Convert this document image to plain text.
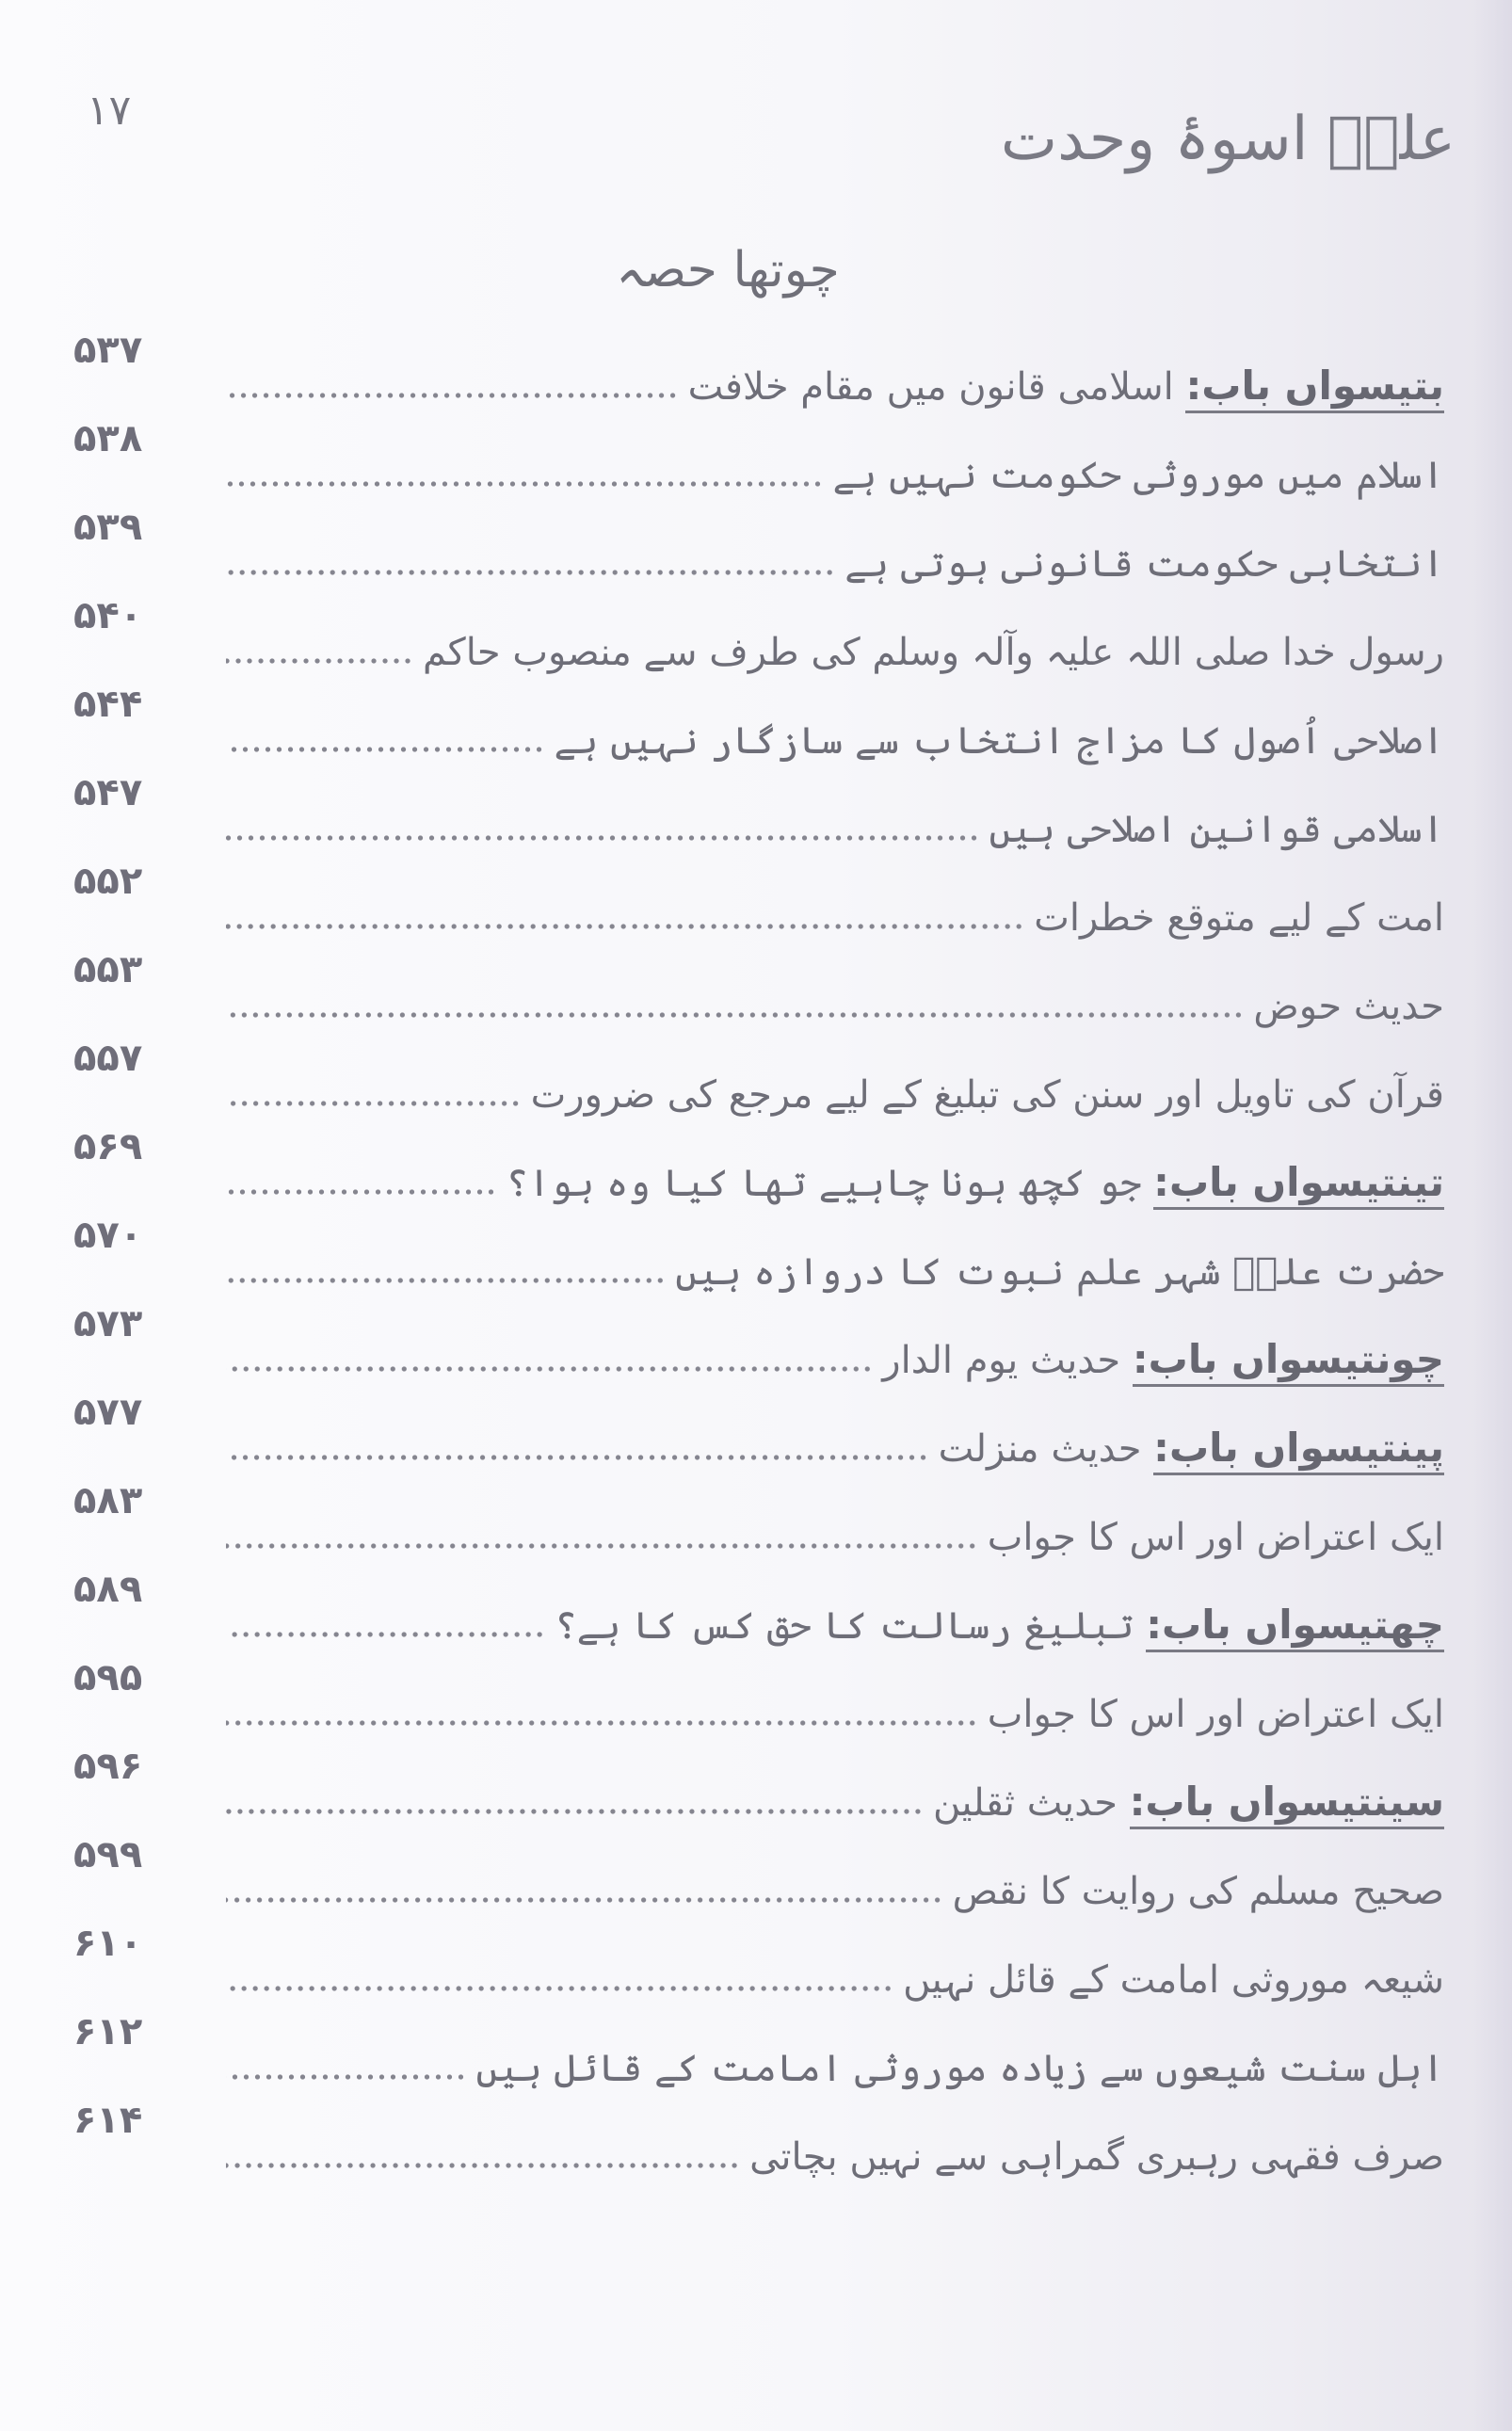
١٧	علیؑ اسوۂ وحدت
چوتھا حصہ
۵۳۷
بتیسواں باب: اسلامی قانون میں مقام خلافت
۵۳۸
اسلام میں موروثی حکومت نہیں ہے
۵۳۹
انتخابی حکومت قانونی ہوتی ہے
۵۴۰
رسول خدا صلی اللہ علیہ وآلہ وسلم کی طرف سے منصوب حاکم
۵۴۴
اصلاحی اُصول کا مزاج انتخاب سے سازگار نہیں ہے
۵۴۷
اسلامی قوانین اصلاحی ہیں
۵۵۲
امت کے لیے متوقع خطرات
۵۵۳
حدیث حوض
۵۵۷
قرآن کی تاویل اور سنن کی تبلیغ کے لیے مرجع کی ضرورت
۵۶۹
تینتیسواں باب: جو کچھ ہونا چاہیے تھا کیا وہ ہوا؟
۵۷۰
حضرت علیؑ شہر علم نبوت کا دروازہ ہیں
۵۷۳
چونتیسواں باب: حدیث یوم الدار
۵۷۷
پینتیسواں باب: حدیث منزلت
۵۸۳
ایک اعتراض اور اس کا جواب
۵۸۹
چھتیسواں باب: تبلیغ رسالت کا حق کس کا ہے؟
۵۹۵
ایک اعتراض اور اس کا جواب
۵۹۶
سینتیسواں باب: حدیث ثقلین
۵۹۹
صحیح مسلم کی روایت کا نقص
۶۱۰
شیعہ موروثی امامت کے قائل نہیں
۶۱۲
اہل سنت شیعوں سے زیادہ موروثی امامت کے قائل ہیں
۶۱۴
صرف فقہی رہبری گمراہی سے نہیں بچاتی
